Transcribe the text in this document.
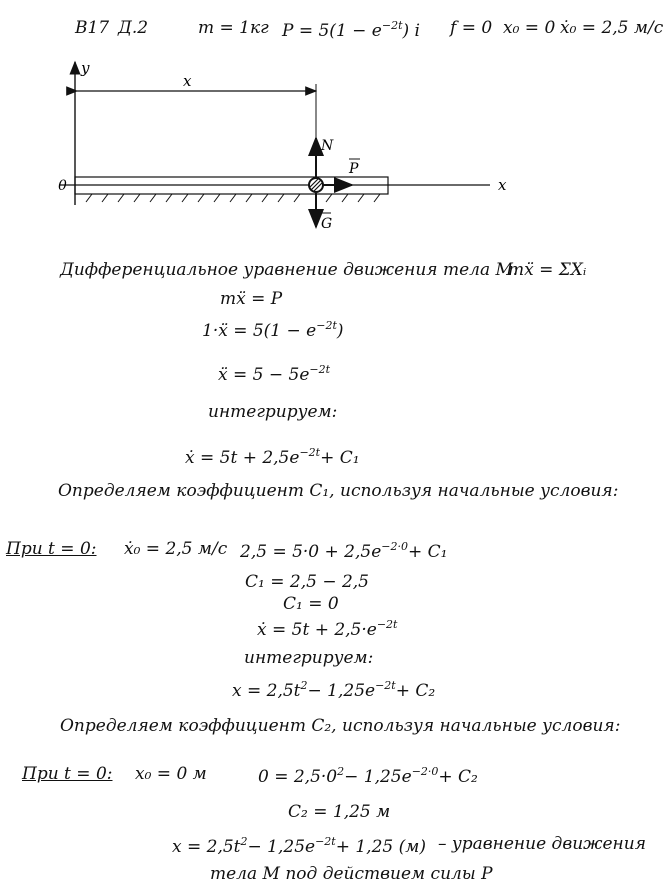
В17 Д.2	m = 1кг $P = 5(1 - e^{-2t})$ i f = 0 x₀ = 0 ẋ₀ = 2,5 м/с
y
x
x
0
N
P
G
Дифференциальное уравнение движения тела М:
mẍ = ΣXᵢ
mẍ = P
1·ẍ = $5(1 - e^{-2t})$
ẍ = $5 - 5e^{-2t}$
интегрируем:
ẋ = $5t + 2,5e^{-2t}+ C_1$
Определяем коэффициент C₁, используя начальные условия:
При t = 0: ẋ₀ = 2,5 м/с $2,5 = 5\cdot 0 + 2,5e^{-2\cdot 0}+ C_1$
C₁ = 2,5 − 2,5
C₁ = 0
ẋ = $5t + 2,5\cdot e^{-2t}$
интегрируем:
$x = 2,5t^2- 1,25e^{-2t}+ C_2$
Определяем коэффициент C₂, используя начальные условия:
При t = 0: x₀ = 0 м	$0 = 2,5\cdot 0^2- 1,25e^{-2\cdot 0}+ C_2$
C₂ = 1,25 м
$x = 2,5t^2- 1,25e^{-2t}+ 1,25$ (м) – уравнение движения
тела М под действием силы P
